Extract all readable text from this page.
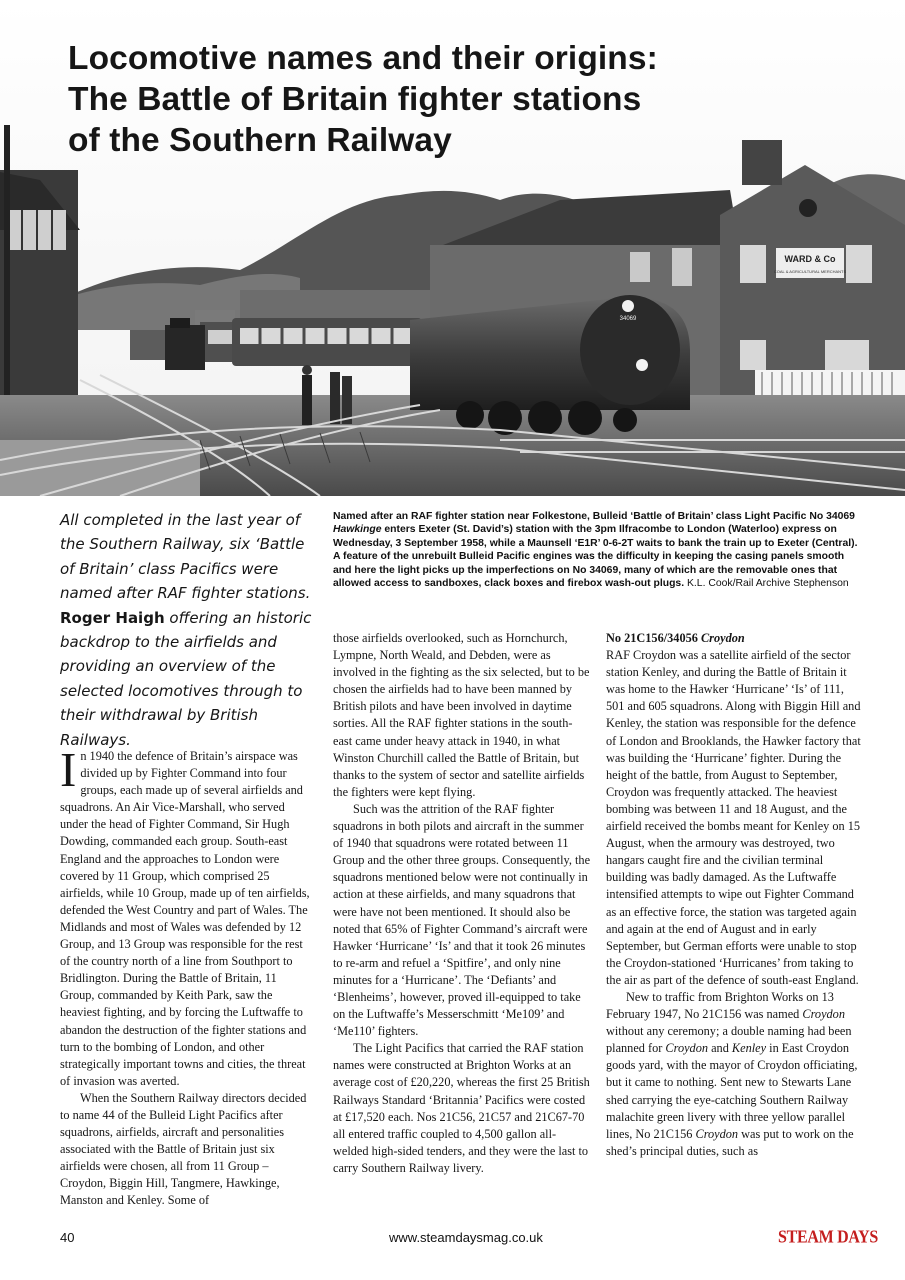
WARD & Co
COAL & AGRICULTURAL MERCHANTS
34069
Locomotive names and their origins:
The Battle of Britain fighter stations
of the Southern Railway
Named after an RAF fighter station near Folkestone, Bulleid ‘Battle of Britain’ class Light Pacific No 34069 Hawkinge enters Exeter (St. David’s) station with the 3pm Ilfracombe to London (Waterloo) express on Wednesday, 3 September 1958, while a Maunsell ‘E1R’ 0-6-2T waits to bank the train up to Exeter (Central). A feature of the unrebuilt Bulleid Pacific engines was the difficulty in keeping the casing panels smooth and here the light picks up the imperfections on No 34069, many of which are the removable ones that allowed access to sandboxes, clack boxes and firebox wash-out plugs. K.L. Cook/Rail Archive Stephenson
All completed in the last year of the Southern Railway, six ‘Battle of Britain’ class Pacifics were named after RAF fighter stations.
Roger Haigh offering an historic backdrop to the airfields and providing an overview of the selected locomotives through to their withdrawal by British Railways.

In 1940 the defence of Britain’s airspace was divided up by Fighter Command into four groups, each made up of several airfields and squadrons. An Air Vice-Marshall, who served under the head of Fighter Command, Sir Hugh Dowding, commanded each group. South-east England and the approaches to London were covered by 11 Group, which comprised 25 airfields, while 10 Group, made up of ten airfields, defended the West Country and part of Wales. The Midlands and most of Wales was defended by 12 Group, and 13 Group was responsible for the rest of the country north of a line from Southport to Bridlington. During the Battle of Britain, 11 Group, commanded by Keith Park, saw the heaviest fighting, and by forcing the Luftwaffe to abandon the destruction of the fighter stations and turn to the bombing of London, and other strategically important towns and cities, the threat of invasion was averted.

When the Southern Railway directors decided to name 44 of the Bulleid Light Pacifics after squadrons, airfields, aircraft and personalities associated with the Battle of Britain just six airfields were chosen, all from 11 Group – Croydon, Biggin Hill, Tangmere, Hawkinge, Manston and Kenley. Some of

those airfields overlooked, such as Hornchurch, Lympne, North Weald, and Debden, were as involved in the fighting as the six selected, but to be chosen the airfields had to have been manned by British pilots and have been involved in daytime sorties. All the RAF fighter stations in the south-east came under heavy attack in 1940, in what Winston Churchill called the Battle of Britain, but thanks to the system of sector and satellite airfields the fighters were kept flying.

Such was the attrition of the RAF fighter squadrons in both pilots and aircraft in the summer of 1940 that squadrons were rotated between 11 Group and the other three groups. Consequently, the squadrons mentioned below were not continually in action at these airfields, and many squadrons that were have not been mentioned. It should also be noted that 65% of Fighter Command’s aircraft were Hawker ‘Hurricane’ ‘Is’ and that it took 26 minutes to re-arm and refuel a ‘Spitfire’, and only nine minutes for a ‘Hurricane’. The ‘Defiants’ and ‘Blenheims’, however, proved ill-equipped to take on the Luftwaffe’s Messerschmitt ‘Me109’ and ‘Me110’ fighters.

The Light Pacifics that carried the RAF station names were constructed at Brighton Works at an average cost of £20,220, whereas the first 25 British Railways Standard ‘Britannia’ Pacifics were costed at £17,520 each. Nos 21C56, 21C57 and 21C67-70 all entered traffic coupled to 4,500 gallon all-welded high-sided tenders, and they were the last to carry Southern Railway livery.

No 21C156/34056 Croydon

RAF Croydon was a satellite airfield of the sector station Kenley, and during the Battle of Britain it was home to the Hawker ‘Hurricane’ ‘Is’ of 111, 501 and 605 squadrons. Along with Biggin Hill and Kenley, the station was responsible for the defence of London and Brooklands, the Hawker factory that was building the ‘Hurricane’ fighter. During the height of the battle, from August to September, Croydon was frequently attacked. The heaviest bombing was between 11 and 18 August, and the airfield received the bombs meant for Kenley on 15 August, when the armoury was destroyed, two hangars caught fire and the civilian terminal building was badly damaged. As the Luftwaffe intensified attempts to wipe out Fighter Command as an effective force, the station was targeted again and again at the end of August and in early September, but German efforts were unable to stop the Croydon-stationed ‘Hurricanes’ from taking to the air as part of the defence of south-east England.

New to traffic from Brighton Works on 13 February 1947, No 21C156 was named Croydon without any ceremony; a double naming had been planned for Croydon and Kenley in East Croydon goods yard, with the mayor of Croydon officiating, but it came to nothing. Sent new to Stewarts Lane shed carrying the eye-catching Southern Railway malachite green livery with three yellow parallel lines, No 21C156 Croydon was put to work on the shed’s principal duties, such as

40	www.steamdaysmag.co.uk	STEAM DAYS
